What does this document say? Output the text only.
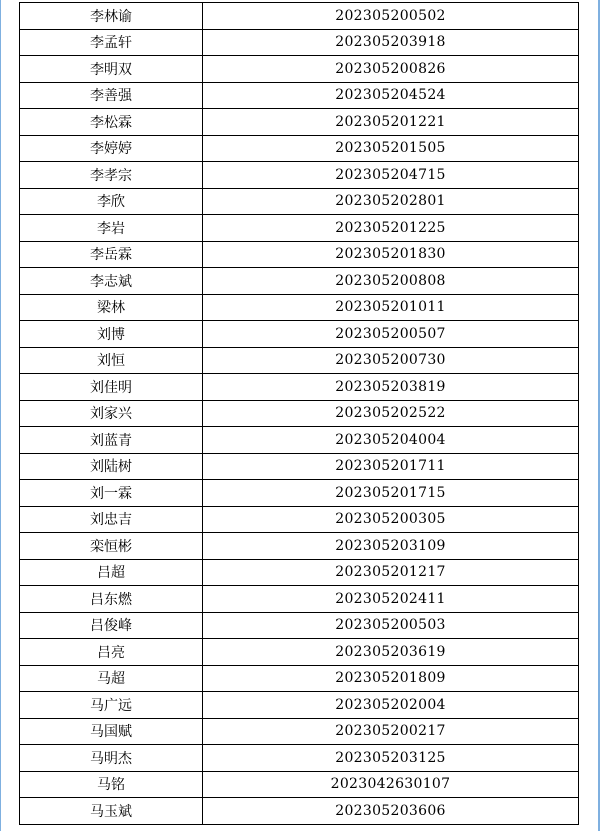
李林谕	202305200502
李孟轩	202305203918
李明双	202305200826
李善强	202305204524
李松霖	202305201221
李婷婷	202305201505
李孝宗	202305204715
李欣	202305202801
李岩	202305201225
李岳霖	202305201830
李志斌	202305200808
梁林	202305201011
刘博	202305200507
刘恒	202305200730
刘佳明	202305203819
刘家兴	202305202522
刘蓝青	202305204004
刘陆树	202305201711
刘一霖	202305201715
刘忠吉	202305200305
栾恒彬	202305203109
吕超	202305201217
吕东燃	202305202411
吕俊峰	202305200503
吕亮	202305203619
马超	202305201809
马广远	202305202004
马国赋	202305200217
马明杰	202305203125
马铭	2023042630107
马玉斌	202305203606
